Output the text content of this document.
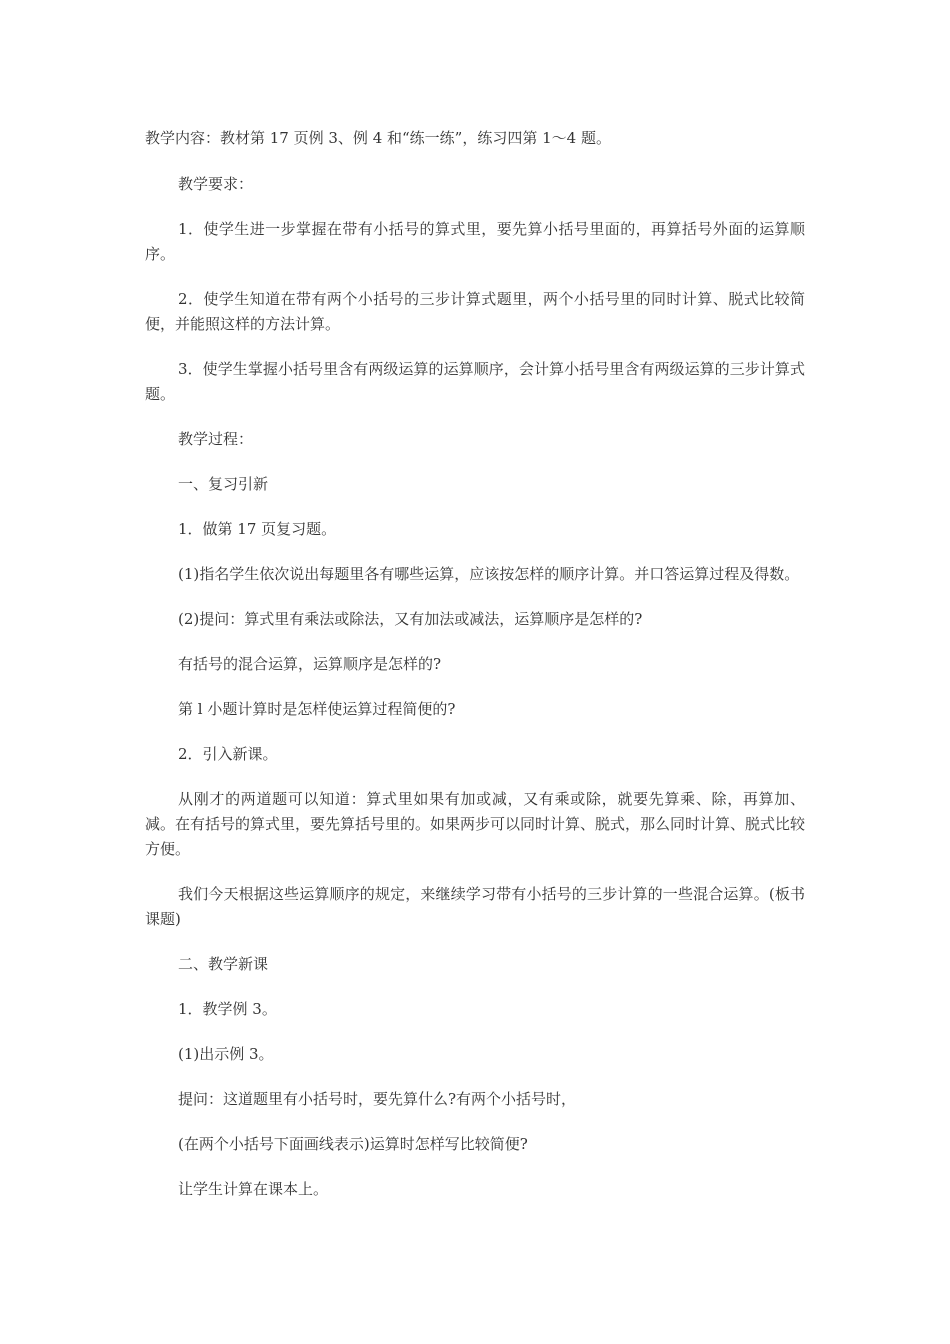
教学内容：教材第 17 页例 3、例 4 和“练一练”，练习四第 1～4 题。

教学要求：

1．使学生进一步掌握在带有小括号的算式里，要先算小括号里面的，再算括号外面的运算顺序。

2．使学生知道在带有两个小括号的三步计算式题里，两个小括号里的同时计算、脱式比较简便，并能照这样的方法计算。

3．使学生掌握小括号里含有两级运算的运算顺序，会计算小括号里含有两级运算的三步计算式题。

教学过程：

一、复习引新

1．做第 17 页复习题。

(1)指名学生依次说出每题里各有哪些运算，应该按怎样的顺序计算。并口答运算过程及得数。

(2)提问：算式里有乘法或除法，又有加法或减法，运算顺序是怎样的?

有括号的混合运算，运算顺序是怎样的?

第 l 小题计算时是怎样使运算过程简便的?

2．引入新课。

从刚才的两道题可以知道：算式里如果有加或减，又有乘或除，就要先算乘、除，再算加、减。在有括号的算式里，要先算括号里的。如果两步可以同时计算、脱式，那么同时计算、脱式比较方便。

我们今天根据这些运算顺序的规定，来继续学习带有小括号的三步计算的一些混合运算。(板书课题)

二、教学新课

1．教学例 3。

(1)出示例 3。

提问：这道题里有小括号时，要先算什么?有两个小括号时，

(在两个小括号下面画线表示)运算时怎样写比较简便?

让学生计算在课本上。
